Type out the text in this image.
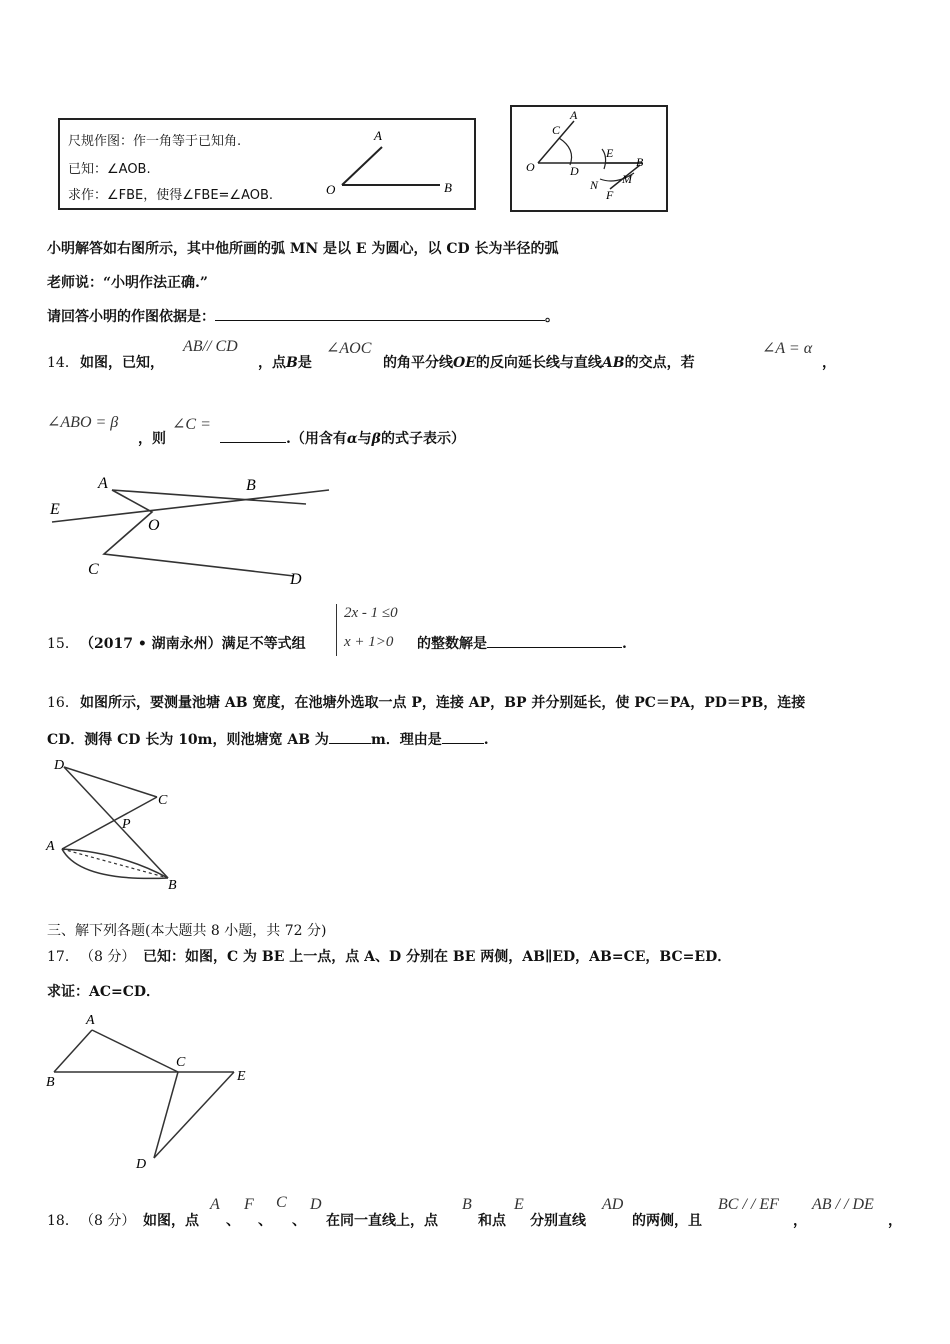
尺规作图：作一角等于已知角.
已知：∠AOB.
求作：∠FBE，使得∠FBE=∠AOB.
A
O	B
A
C
O	D
E
B
N M
F
小明解答如右图所示，其中他所画的弧 MN 是以 E 为圆心，以 CD 长为半径的弧
老师说：“小明作法正确.”
请回答小明的作图依据是：	。
14． 如图，已知，
AB// CD
，点B是
∠AOC
的角平分线OE的反向延长线与直线AB的交点，若
∠A = α
，
∠ABO = β
，则
∠C =
.（用含有α与β的式子表示）
A	B
E
O
C
D
15． （2017 • 湖南永州）满足不等式组
2x - 1 ≤0
x + 1>0 的整数解是	.
16． 如图所示，要测量池塘 AB 宽度，在池塘外选取一点 P，连接 AP，BP 并分别延长，使 PC＝PA，PD＝PB，连接
CD．测得 CD 长为 10m，则池塘宽 AB 为	m．理由是	.
D
C
P
A
B
三、解下列各题(本大题共 8 小题，共 72 分)
17． （8 分） 已知：如图，C 为 BE 上一点，点 A、D 分别在 BE 两侧，AB∥ED，AB=CE，BC=ED．
求证：AC=CD．
A
B
C
E
D
18． （8 分） 如图，点
A
、
F
、
C
、
D
在同一直线上，点
B
和点
E
分别直线
AD
的两侧，且
BC / / EF
，
AB / / DE
，
